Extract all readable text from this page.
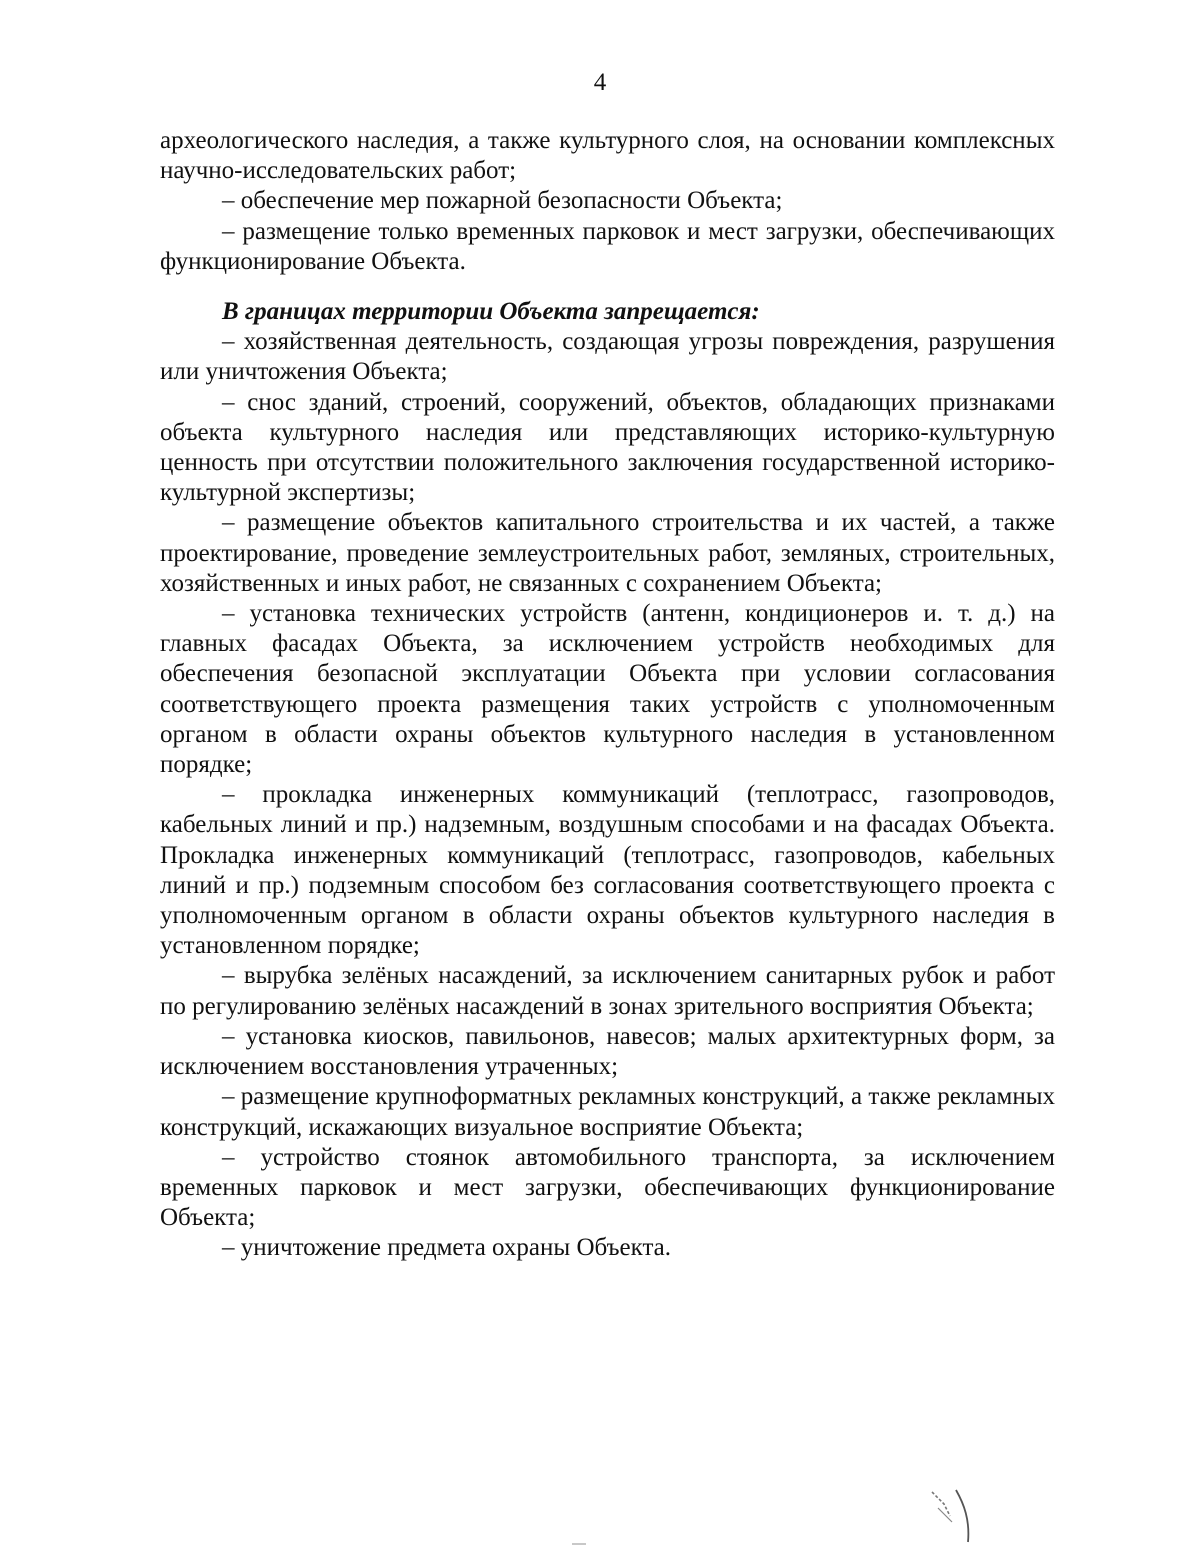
4

археологического наследия, а также культурного слоя, на основании комплексных научно-исследовательских работ;

– обеспечение мер пожарной безопасности Объекта;

– размещение только временных парковок и мест загрузки, обеспечивающих функционирование Объекта.

В границах территории Объекта запрещается:

– хозяйственная деятельность, создающая угрозы повреждения, разрушения или уничтожения Объекта;

– снос зданий, строений, сооружений, объектов, обладающих признаками объекта культурного наследия или представляющих историко-культурную ценность при отсутствии положительного заключения государственной историко-культурной экспертизы;

– размещение объектов капитального строительства и их частей, а также проектирование, проведение землеустроительных работ, земляных, строительных, хозяйственных и иных работ, не связанных с сохранением Объекта;

– установка технических устройств (антенн, кондиционеров и. т. д.) на главных фасадах Объекта, за исключением устройств необходимых для обеспечения безопасной эксплуатации Объекта при условии согласования соответствующего проекта размещения таких устройств с уполномоченным органом в области охраны объектов культурного наследия в установленном порядке;

– прокладка инженерных коммуникаций (теплотрасс, газопроводов, кабельных линий и пр.) надземным, воздушным способами и на фасадах Объекта. Прокладка инженерных коммуникаций (теплотрасс, газопроводов, кабельных линий и пр.) подземным способом без согласования соответствующего проекта с уполномоченным органом в области охраны объектов культурного наследия в установленном порядке;

– вырубка зелёных насаждений, за исключением санитарных рубок и работ по регулированию зелёных насаждений в зонах зрительного восприятия Объекта;

– установка киосков, павильонов, навесов; малых архитектурных форм, за исключением восстановления утраченных;

– размещение крупноформатных рекламных конструкций, а также рекламных конструкций, искажающих визуальное восприятие Объекта;

– устройство стоянок автомобильного транспорта, за исключением временных парковок и мест загрузки, обеспечивающих функционирование Объекта;

– уничтожение предмета охраны Объекта.
